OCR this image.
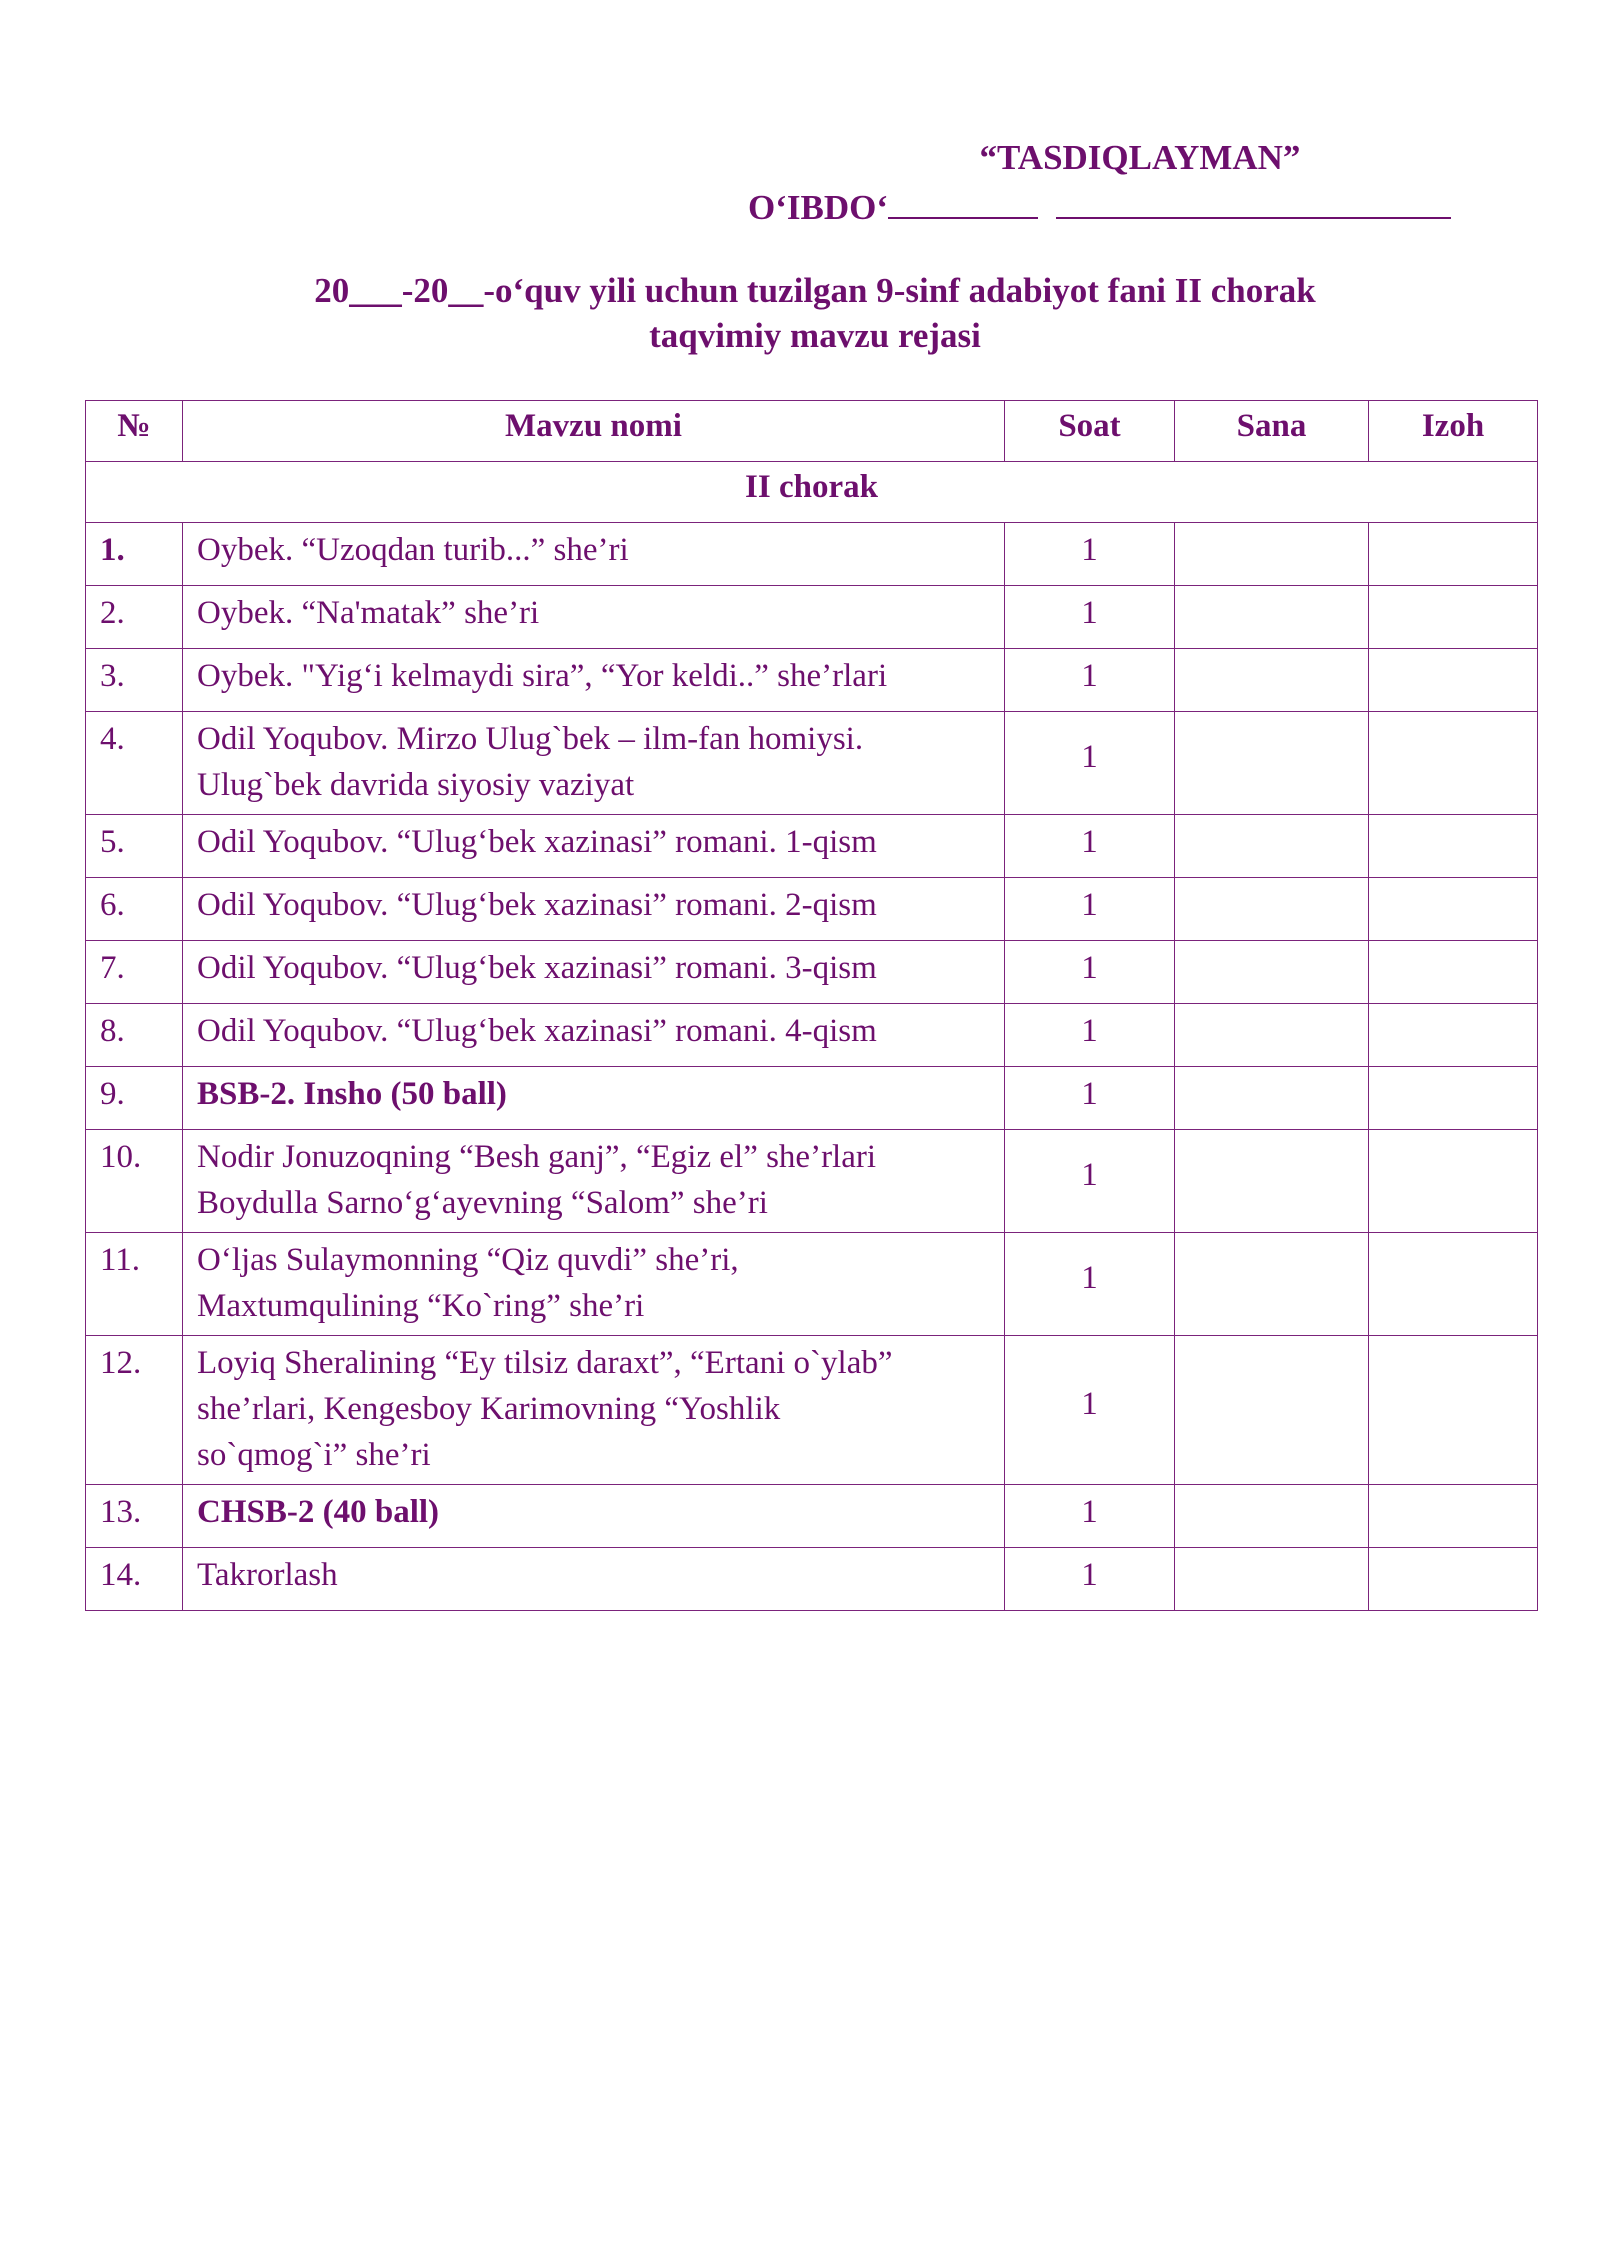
“TASDIQLAYMAN”
O‘IBDO‘
20___-20__-o‘quv yili uchun tuzilgan 9-sinf adabiyot fani II chorak
taqvimiy mavzu rejasi
№	Mavzu nomi	Soat	Sana	Izoh
II chorak				
1.	Oybek. “Uzoqdan turib...” she’ri	1		
2.	Oybek. “Na'matak” she’ri	1		
3.	Oybek. "Yig‘i kelmaydi sira”, “Yor keldi..” she’rlari	1		
4.	Odil Yoqubov. Mirzo Ulug`bek – ilm-fan homiysi.
Ulug`bek davrida siyosiy vaziyat	1		
5.	Odil Yoqubov. “Ulug‘bek xazinasi” romani. 1-qism	1		
6.	Odil Yoqubov. “Ulug‘bek xazinasi” romani. 2-qism	1		
7.	Odil Yoqubov. “Ulug‘bek xazinasi” romani. 3-qism	1		
8.	Odil Yoqubov. “Ulug‘bek xazinasi” romani. 4-qism	1		
9.	BSB-2. Insho (50 ball)	1		
10.	Nodir Jonuzoqning “Besh ganj”, “Egiz el” she’rlari
Boydulla Sarno‘g‘ayevning “Salom” she’ri	1		
11.	O‘ljas Sulaymonning “Qiz quvdi” she’ri,
Maxtumqulining “Ko`ring” she’ri	1		
12.	Loyiq Sheralining “Ey tilsiz daraxt”, “Ertani o`ylab”
she’rlari, Kengesboy Karimovning “Yoshlik
so`qmog`i” she’ri	1		
13.	CHSB-2 (40 ball)	1		
14.	Takrorlash	1		
